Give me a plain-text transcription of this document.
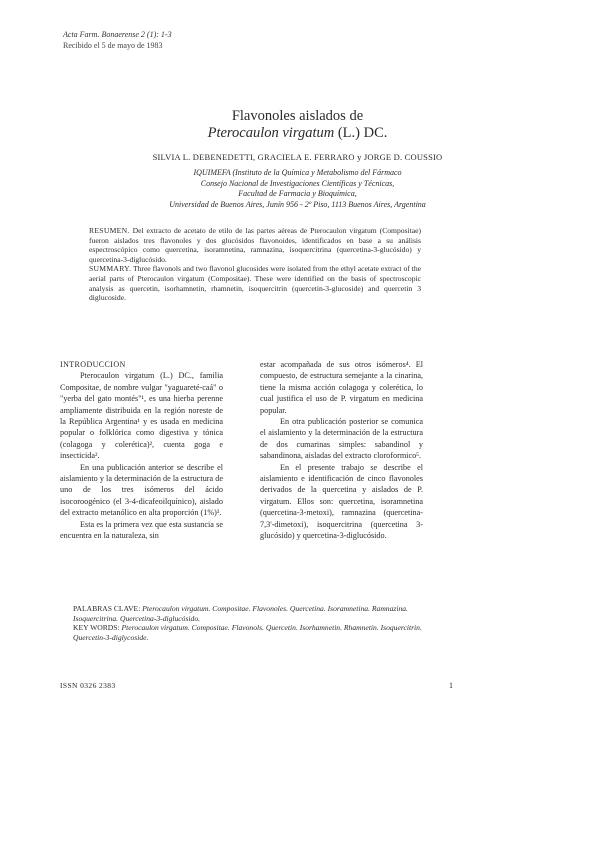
Acta Farm. Bonaerense 2 (1): 1-3
Recibido el 5 de mayo de 1983
Flavonoles aislados de
Pterocaulon virgatum (L.) DC.
SILVIA L. DEBENEDETTI, GRACIELA E. FERRARO y JORGE D. COUSSIO
IQUIMEFA (Instituto de la Química y Metabolismo del Fármaco
Consejo Nacional de Investigaciones Científicas y Técnicas,
Facultad de Farmacia y Bioquímica,
Universidad de Buenos Aires, Junín 956 - 2º Piso, 1113 Buenos Aires, Argentina

RESUMEN. Del extracto de acetato de etilo de las partes aéreas de Pterocaulon virgatum (Compositae) fueron aislados tres flavonoles y dos glucósidos flavonoides, identificados en base a su análisis espectroscópico como quercetina, isoramnetina, ramnazina, isoquercitrina (quercetina-3-glucósido) y quercetina-3-diglucósido.

SUMMARY. Three flavonols and two flavonol glucosides were isolated from the ethyl acetate extract of the aerial parts of Pterocaulon virgatum (Compositae). These were identified on the basis of spectroscopic analysis as quercetin, isorhamnetin, rhamnetin, isoquercitrin (quercetin-3-glucoside) and quercetin 3 diglucoside.

INTRODUCCION

Pterocaulon virgatum (L.) DC., familia Compositae, de nombre vulgar "yaguareté-caá" o "yerba del gato montés"¹, es una hierba perenne ampliamente distribuida en la región noreste de la República Argentina¹ y es usada en medicina popular o folklórica como digestiva y tónica (colagoga y colerética)², cuenta goga e insecticida².

En una publicación anterior se describe el aislamiento y la determinación de la estructura de uno de los tres isómeros del ácido isocoroogénico (el 3-4-dicafeoilquínico), aislado del extracto metanólico en alta proporción (1%)³.

Esta es la primera vez que esta sustancia se encuentra en la naturaleza, sin

estar acompañada de sus otros isómeros⁴. El compuesto, de estructura semejante a la cinarina, tiene la misma acción colagoga y colerética, lo cual justifica el uso de P. virgatum en medicina popular.

En otra publicación posterior se comunica el aislamiento y la determinación de la estructura de dos cumarinas simples: sabandinol y sabandinona, aisladas del extracto cloroformico⁵.

En el presente trabajo se describe el aislamiento e identificación de cinco flavonoles derivados de la quercetina y aislados de P. virgatum. Ellos son: quercetina, isoramnetina (quercetina-3-metoxi), ramnazina (quercetina-7,3'-dimetoxi), isoquercitrina (quercetina 3-glucósido) y quercetina-3-diglucósido.

PALABRAS CLAVE: Pterocaulon virgatum. Compositae. Flavonoles. Quercetina. Isoramnetina. Ramnazina. Isoquercitrina. Quercetina-3-diglucósido.

KEY WORDS: Pterocaulon virgatum. Compositae. Flavonols. Quercetin. Isorhamnetin. Rhamnetin. Isoquercitrin. Quercetin-3-diglycoside.

ISSN 0326 2383	1
